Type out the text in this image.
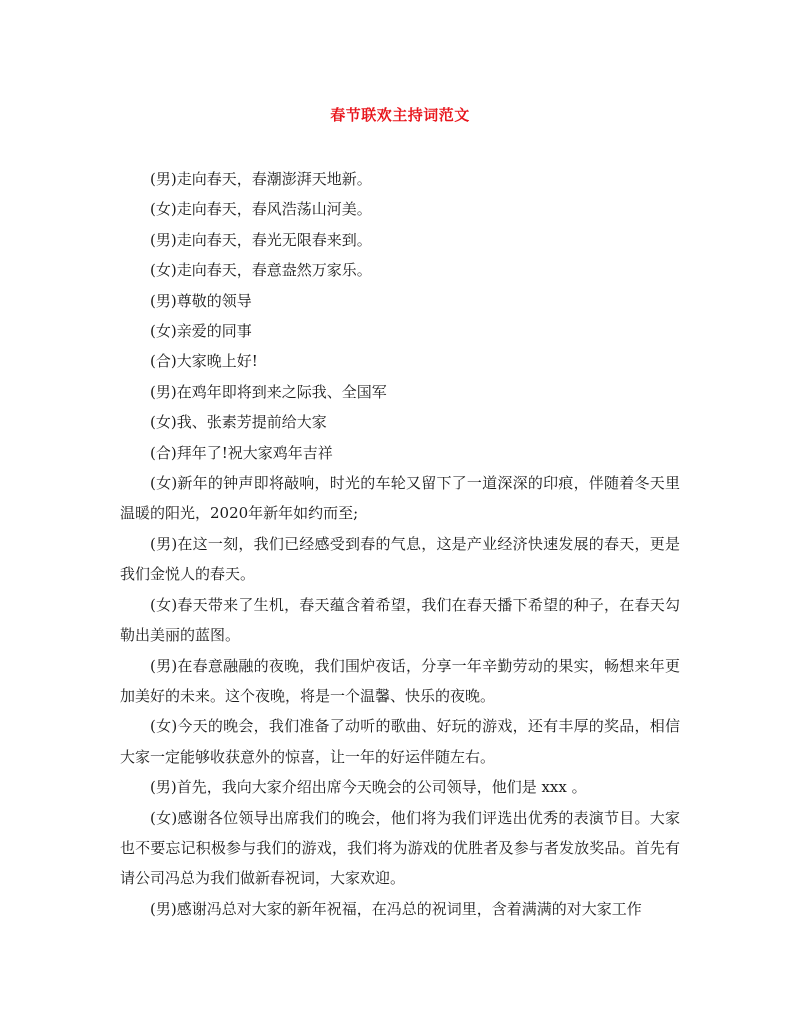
春节联欢主持词范文

(男)走向春天，春潮澎湃天地新。

(女)走向春天，春风浩荡山河美。

(男)走向春天，春光无限春来到。

(女)走向春天，春意盎然万家乐。

(男)尊敬的领导

(女)亲爱的同事

(合)大家晚上好!

(男)在鸡年即将到来之际我、全国军

(女)我、张素芳提前给大家

(合)拜年了!祝大家鸡年吉祥

(女)新年的钟声即将敲响，时光的车轮又留下了一道深深的印痕，伴随着冬天里温暖的阳光，2020年新年如约而至;

(男)在这一刻，我们已经感受到春的气息，这是产业经济快速发展的春天，更是我们金悦人的春天。

(女)春天带来了生机，春天蕴含着希望，我们在春天播下希望的种子，在春天勾勒出美丽的蓝图。

(男)在春意融融的夜晚，我们围炉夜话，分享一年辛勤劳动的果实，畅想来年更加美好的未来。这个夜晚，将是一个温馨、快乐的夜晚。

(女)今天的晚会，我们准备了动听的歌曲、好玩的游戏，还有丰厚的奖品，相信大家一定能够收获意外的惊喜，让一年的好运伴随左右。

(男)首先，我向大家介绍出席今天晚会的公司领导，他们是 xxx 。

(女)感谢各位领导出席我们的晚会，他们将为我们评选出优秀的表演节目。大家也不要忘记积极参与我们的游戏，我们将为游戏的优胜者及参与者发放奖品。首先有请公司冯总为我们做新春祝词，大家欢迎。

(男)感谢冯总对大家的新年祝福，在冯总的祝词里，含着满满的对大家工作
